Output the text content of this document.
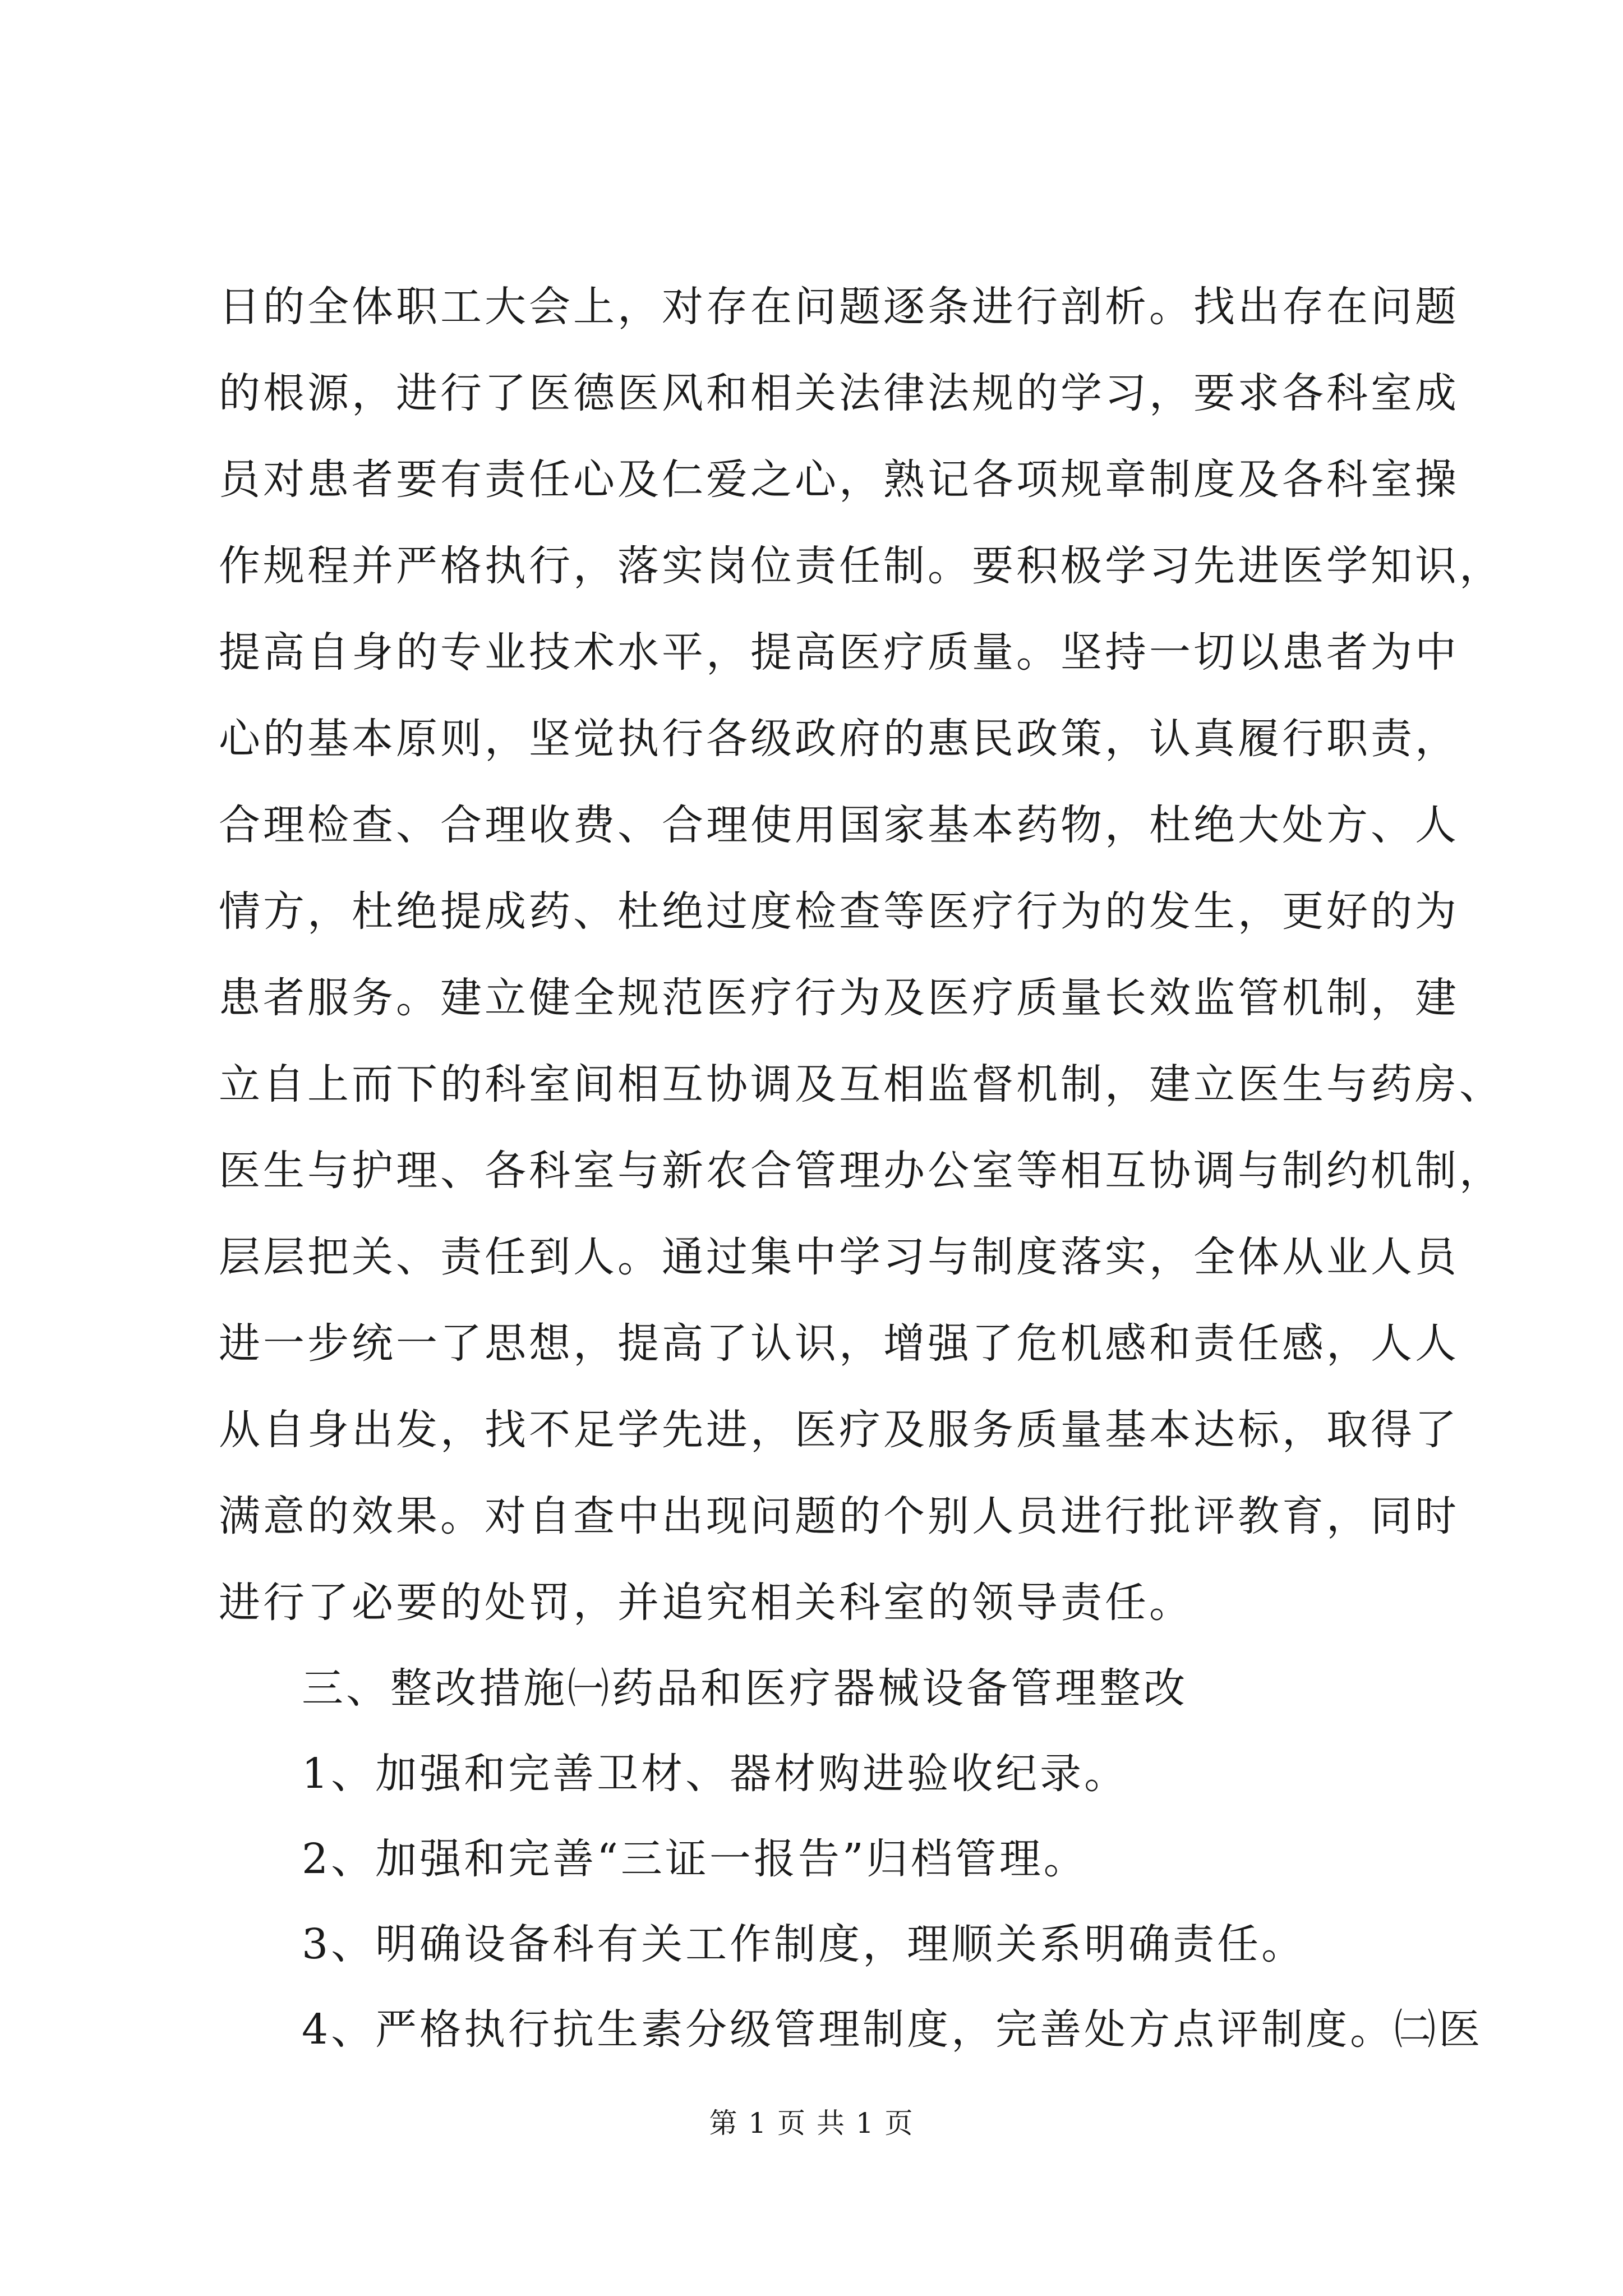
日的全体职工大会上，对存在问题逐条进行剖析。找出存在问题
的根源，进行了医德医风和相关法律法规的学习，要求各科室成
员对患者要有责任心及仁爱之心，熟记各项规章制度及各科室操
作规程并严格执行，落实岗位责任制。要积极学习先进医学知识，
提高自身的专业技术水平，提高医疗质量。坚持一切以患者为中
心的基本原则，坚觉执行各级政府的惠民政策，认真履行职责，
合理检查、合理收费、合理使用国家基本药物，杜绝大处方、人
情方，杜绝提成药、杜绝过度检查等医疗行为的发生，更好的为
患者服务。建立健全规范医疗行为及医疗质量长效监管机制，建
立自上而下的科室间相互协调及互相监督机制，建立医生与药房、
医生与护理、各科室与新农合管理办公室等相互协调与制约机制，
层层把关、责任到人。通过集中学习与制度落实，全体从业人员
进一步统一了思想，提高了认识，增强了危机感和责任感，人人
从自身出发，找不足学先进，医疗及服务质量基本达标，取得了
满意的效果。对自查中出现问题的个别人员进行批评教育，同时
进行了必要的处罚，并追究相关科室的领导责任。
三、整改措施㈠药品和医疗器械设备管理整改
1、加强和完善卫材、器材购进验收纪录。
2、加强和完善“三证一报告”归档管理。
3、明确设备科有关工作制度，理顺关系明确责任。
4、严格执行抗生素分级管理制度，完善处方点评制度。㈡医
第 1 页 共 1 页
